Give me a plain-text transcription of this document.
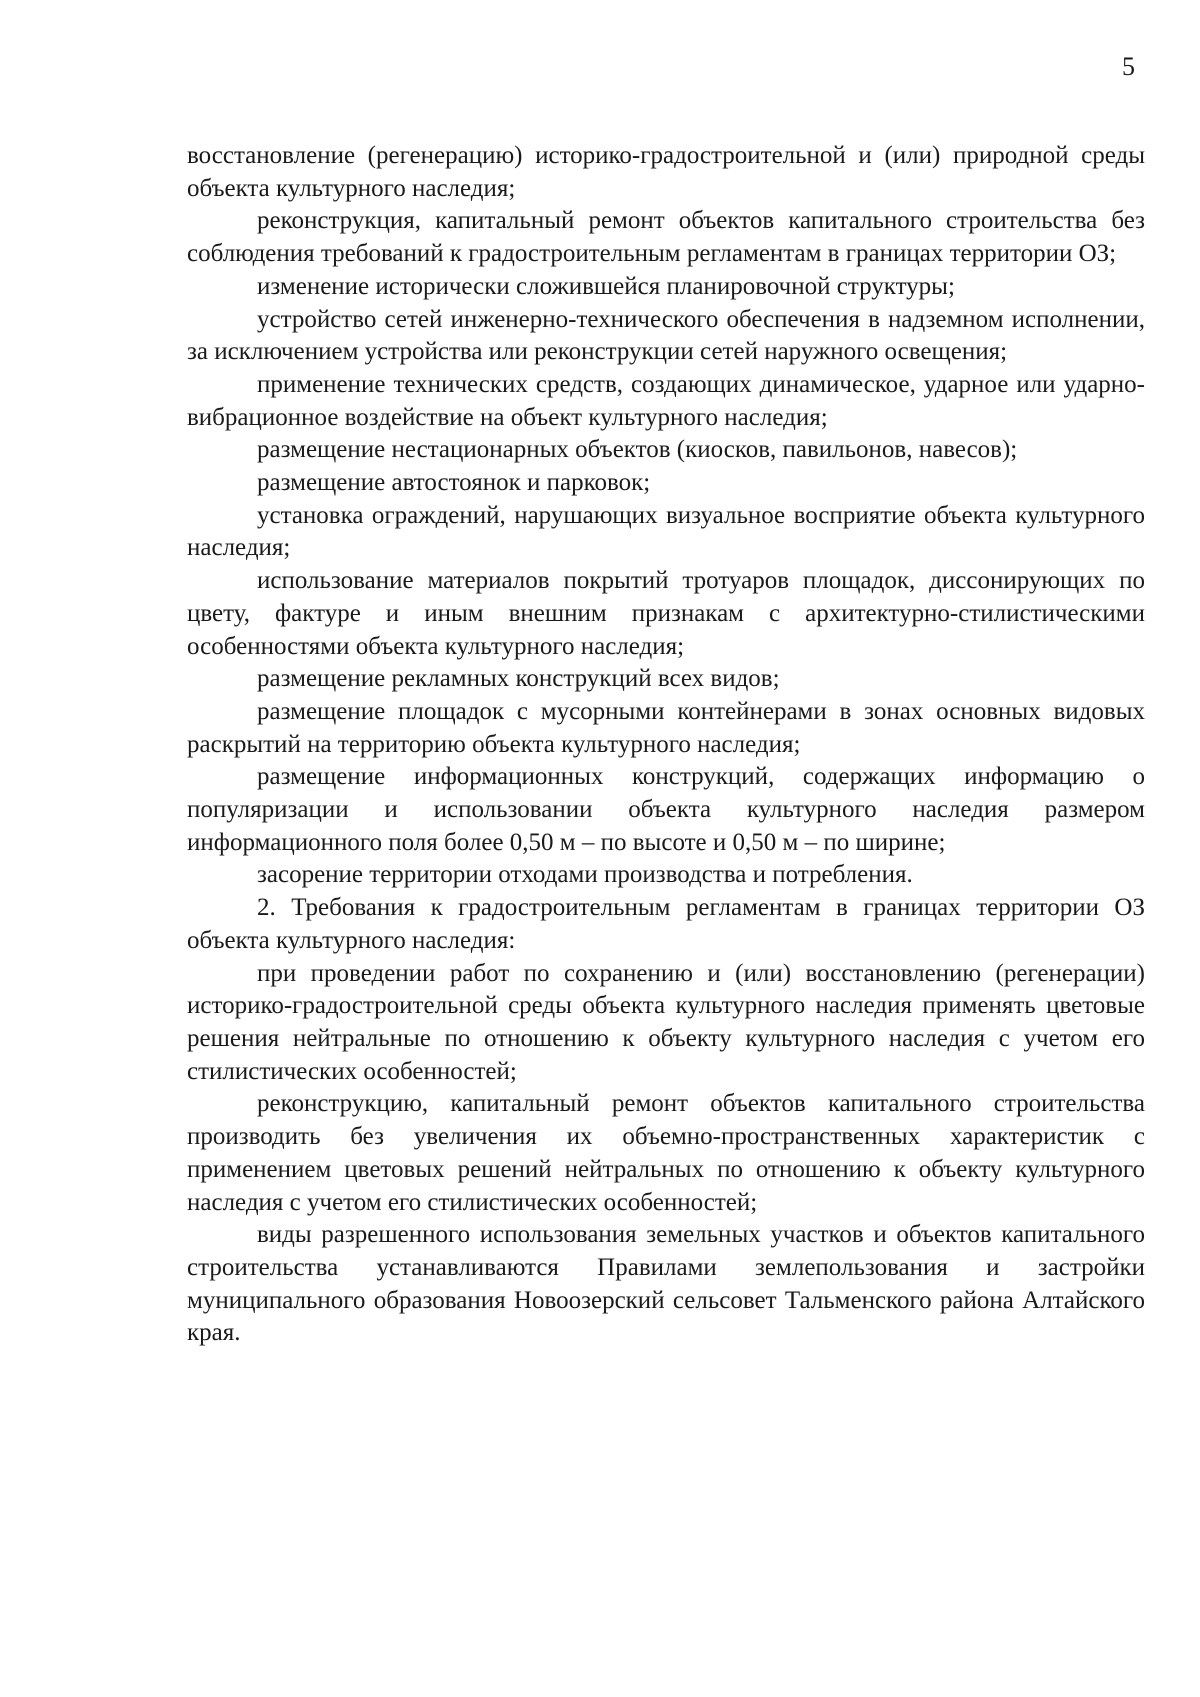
5

восстановление (регенерацию) историко-градостроительной и (или) природной среды объекта культурного наследия;

реконструкция, капитальный ремонт объектов капитального строительства без соблюдения требований к градостроительным регламентам в границах территории ОЗ;

изменение исторически сложившейся планировочной структуры;

устройство сетей инженерно-технического обеспечения в надземном исполнении, за исключением устройства или реконструкции сетей наружного освещения;

применение технических средств, создающих динамическое, ударное или ударно-вибрационное воздействие на объект культурного наследия;

размещение нестационарных объектов (киосков, павильонов, навесов);

размещение автостоянок и парковок;

установка ограждений, нарушающих визуальное восприятие объекта культурного наследия;

использование материалов покрытий тротуаров площадок, диссонирующих по цвету, фактуре и иным внешним признакам с архитектурно-стилистическими особенностями объекта культурного наследия;

размещение рекламных конструкций всех видов;

размещение площадок с мусорными контейнерами в зонах основных видовых раскрытий на территорию объекта культурного наследия;

размещение информационных конструкций, содержащих информацию о популяризации и использовании объекта культурного наследия размером информационного поля более 0,50 м – по высоте и 0,50 м – по ширине;

засорение территории отходами производства и потребления.

2. Требования к градостроительным регламентам в границах территории ОЗ объекта культурного наследия:

при проведении работ по сохранению и (или) восстановлению (регенерации) историко-градостроительной среды объекта культурного наследия применять цветовые решения нейтральные по отношению к объекту культурного наследия с учетом его стилистических особенностей;

реконструкцию, капитальный ремонт объектов капитального строительства производить без увеличения их объемно-пространственных характеристик с применением цветовых решений нейтральных по отношению к объекту культурного наследия с учетом его стилистических особенностей;

виды разрешенного использования земельных участков и объектов капитального строительства устанавливаются Правилами землепользования и застройки муниципального образования Новоозерский сельсовет Тальменского района Алтайского края.
